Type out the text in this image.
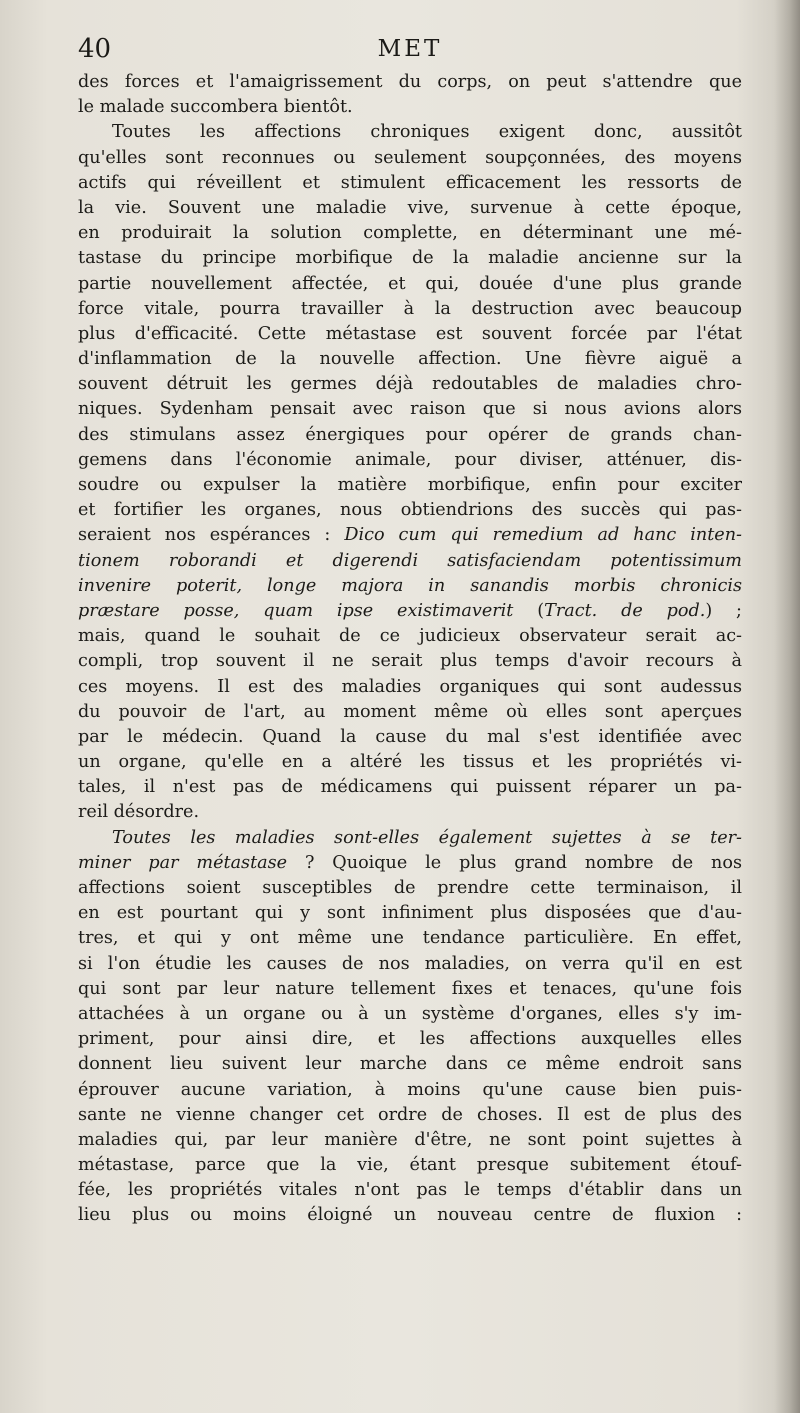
40	MET
des forces et l'amaigrissement du corps, on peut s'attendre que
le malade succombera bientôt.
Toutes les affections chroniques exigent donc, aussitôt
qu'elles sont reconnues ou seulement soupçonnées, des moyens
actifs qui réveillent et stimulent efficacement les ressorts de
la vie. Souvent une maladie vive, survenue à cette époque,
en produirait la solution complette, en déterminant une mé-
tastase du principe morbifique de la maladie ancienne sur la
partie nouvellement affectée, et qui, douée d'une plus grande
force vitale, pourra travailler à la destruction avec beaucoup
plus d'efficacité. Cette métastase est souvent forcée par l'état
d'inflammation de la nouvelle affection. Une fièvre aiguë a
souvent détruit les germes déjà redoutables de maladies chro-
niques. Sydenham pensait avec raison que si nous avions alors
des stimulans assez énergiques pour opérer de grands chan-
gemens dans l'économie animale, pour diviser, atténuer, dis-
soudre ou expulser la matière morbifique, enfin pour exciter
et fortifier les organes, nous obtiendrions des succès qui pas-
seraient nos espérances : Dico cum qui remedium ad hanc inten-
tionem roborandi et digerendi satisfaciendam potentissimum
invenire poterit, longe majora in sanandis morbis chronicis
præstare posse, quam ipse existimaverit (Tract. de pod.) ;
mais, quand le souhait de ce judicieux observateur serait ac-
compli, trop souvent il ne serait plus temps d'avoir recours à
ces moyens. Il est des maladies organiques qui sont audessus
du pouvoir de l'art, au moment même où elles sont aperçues
par le médecin. Quand la cause du mal s'est identifiée avec
un organe, qu'elle en a altéré les tissus et les propriétés vi-
tales, il n'est pas de médicamens qui puissent réparer un pa-
reil désordre.
Toutes les maladies sont-elles également sujettes à se ter-
miner par métastase ? Quoique le plus grand nombre de nos
affections soient susceptibles de prendre cette terminaison, il
en est pourtant qui y sont infiniment plus disposées que d'au-
tres, et qui y ont même une tendance particulière. En effet,
si l'on étudie les causes de nos maladies, on verra qu'il en est
qui sont par leur nature tellement fixes et tenaces, qu'une fois
attachées à un organe ou à un système d'organes, elles s'y im-
priment, pour ainsi dire, et les affections auxquelles elles
donnent lieu suivent leur marche dans ce même endroit sans
éprouver aucune variation, à moins qu'une cause bien puis-
sante ne vienne changer cet ordre de choses. Il est de plus des
maladies qui, par leur manière d'être, ne sont point sujettes à
métastase, parce que la vie, étant presque subitement étouf-
fée, les propriétés vitales n'ont pas le temps d'établir dans un
lieu plus ou moins éloigné un nouveau centre de fluxion :
